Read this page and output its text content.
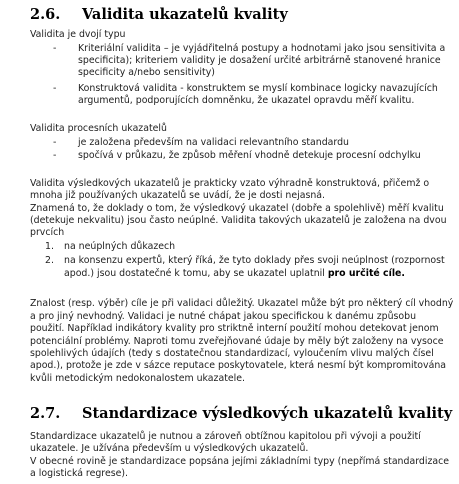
2.6. Validita ukazatelů kvality
Validita je dvojí typu
- Kriteriální validita – je vyjádřitelná postupy a hodnotami jako jsou sensitivita a
specificita); kriteriem validity je dosažení určité arbitrárně stanovené hranice
specificity a/nebo sensitivity)
- Konstruktová validita - konstruktem se myslí kombinace logicky navazujících
argumentů, podporujících domněnku, že ukazatel opravdu měří kvalitu.
Validita procesních ukazatelů
- je založena především na validaci relevantního standardu
- spočívá v průkazu, že způsob měření vhodně detekuje procesní odchylku
Validita výsledkových ukazatelů je prakticky vzato výhradně konstruktová, přičemž o
mnoha již používaných ukazatelů se uvádí, že je dosti nejasná.
Znamená to, že doklady o tom, že výsledkový ukazatel (dobře a spolehlivě) měří kvalitu
(detekuje nekvalitu) jsou často neúplné. Validita takových ukazatelů je založena na dvou
prvcích
1. na neúplných důkazech
2. na konsenzu expertů, který říká, že tyto doklady přes svoji neúplnost (rozpornost
apod.) jsou dostatečné k tomu, aby se ukazatel uplatnil pro určité cíle.
Znalost (resp. výběr) cíle je při validaci důležitý. Ukazatel může být pro některý cíl vhodný
a pro jiný nevhodný. Validaci je nutné chápat jakou specifickou k danému způsobu
použití. Například indikátory kvality pro striktně interní použití mohou detekovat jenom
potenciální problémy. Naproti tomu zveřejňované údaje by měly být založeny na vysoce
spolehlivých údajích (tedy s dostatečnou standardizací, vyloučením vlivu malých čísel
apod.), protože je zde v sázce reputace poskytovatele, která nesmí být kompromitována
kvůli metodickým nedokonalostem ukazatele.
2.7. Standardizace výsledkových ukazatelů kvality
Standardizace ukazatelů je nutnou a zároveň obtížnou kapitolou při vývoji a použití
ukazatele. Je užívána především u výsledkových ukazatelů.
V obecné rovině je standardizace popsána jejími základními typy (nepřímá standardizace
a logistická regrese).
